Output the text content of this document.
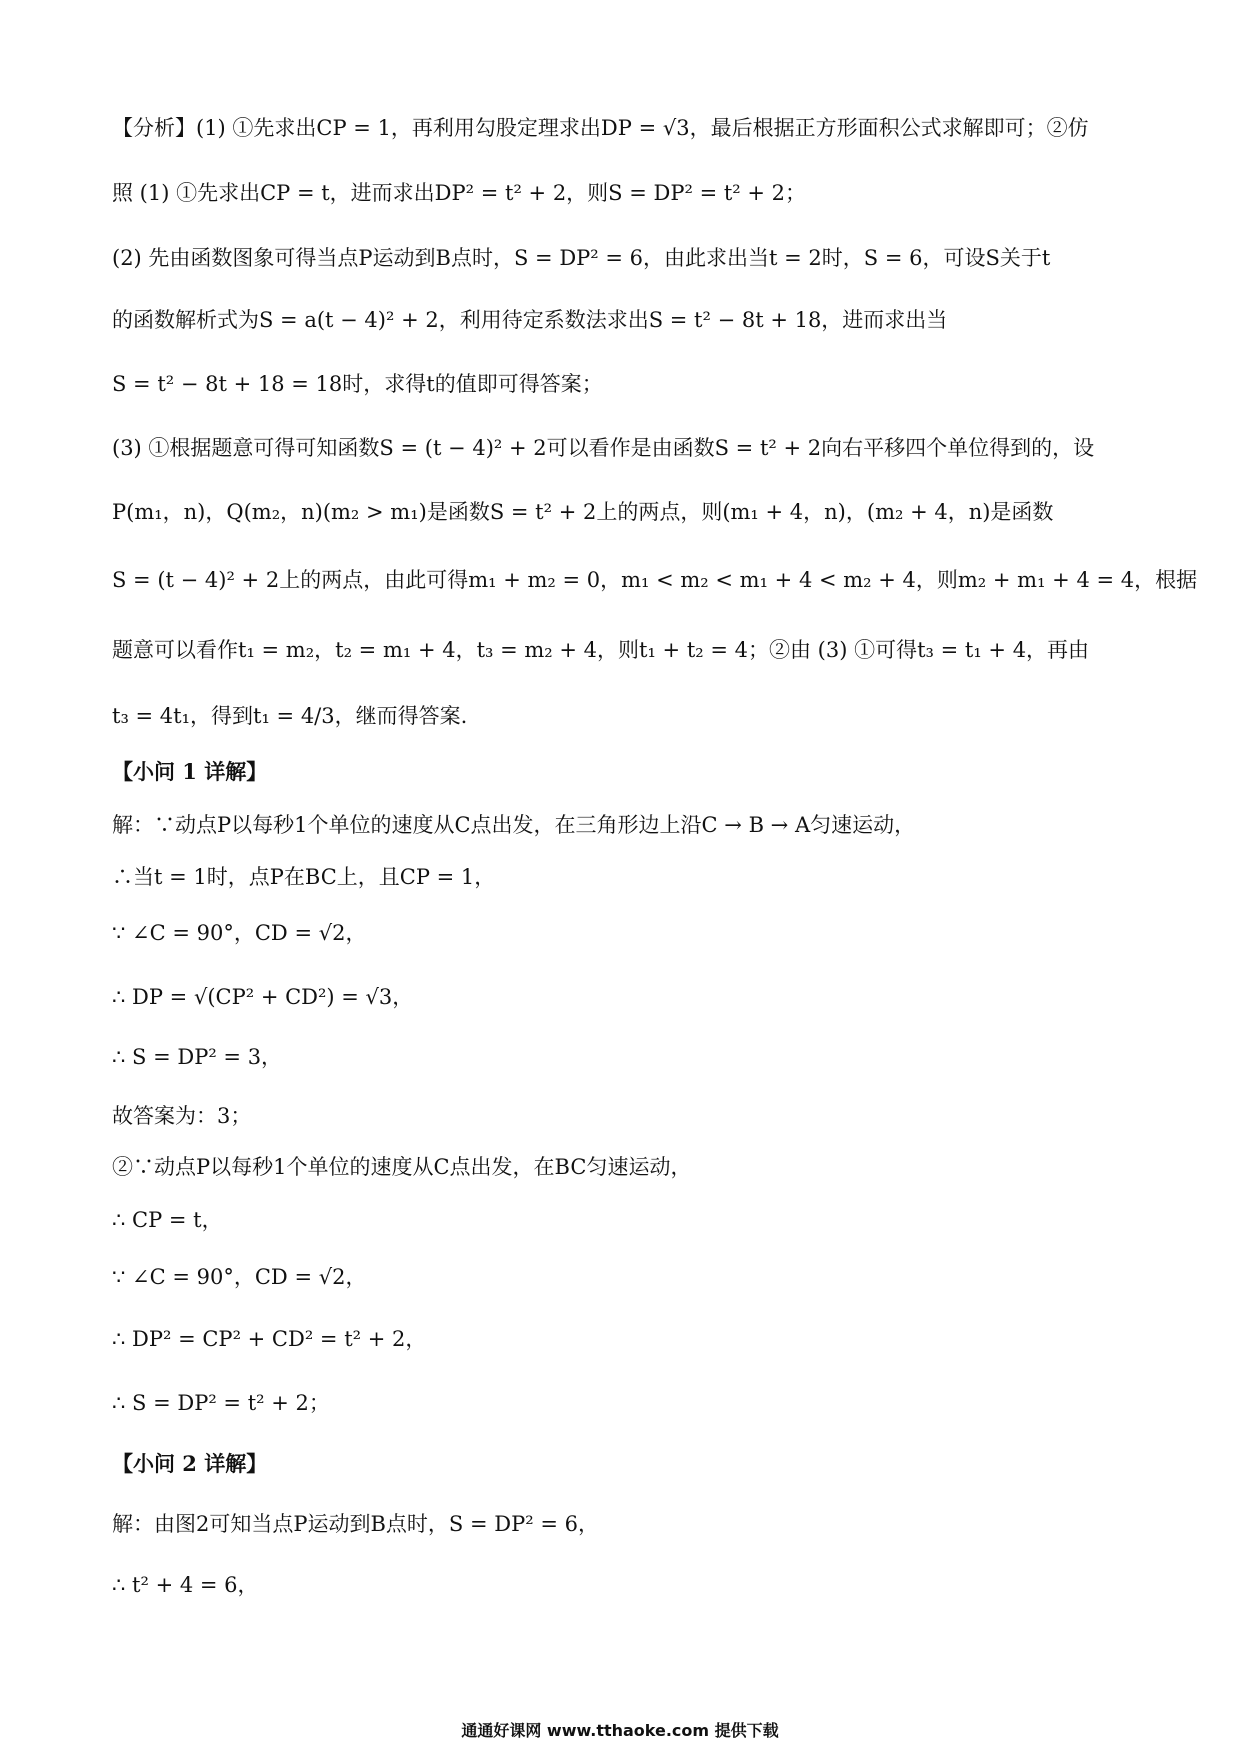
【分析】(1) ①先求出CP = 1，再利用勾股定理求出DP = √3，最后根据正方形面积公式求解即可；②仿
照 (1) ①先求出CP = t，进而求出DP² = t² + 2，则S = DP² = t² + 2；
(2) 先由函数图象可得当点P运动到B点时，S = DP² = 6，由此求出当t = 2时，S = 6，可设S关于t
的函数解析式为S = a(t − 4)² + 2，利用待定系数法求出S = t² − 8t + 18，进而求出当
S = t² − 8t + 18 = 18时，求得t的值即可得答案；
(3) ①根据题意可得可知函数S = (t − 4)² + 2可以看作是由函数S = t² + 2向右平移四个单位得到的，设
P(m₁，n)，Q(m₂，n)(m₂ > m₁)是函数S = t² + 2上的两点，则(m₁ + 4，n)，(m₂ + 4，n)是函数
S = (t − 4)² + 2上的两点，由此可得m₁ + m₂ = 0，m₁ < m₂ < m₁ + 4 < m₂ + 4，则m₂ + m₁ + 4 = 4，根据
题意可以看作t₁ = m₂，t₂ = m₁ + 4，t₃ = m₂ + 4，则t₁ + t₂ = 4；②由 (3) ①可得t₃ = t₁ + 4，再由
t₃ = 4t₁，得到t₁ = 4/3，继而得答案.
【小问 1 详解】
解：∵动点P以每秒1个单位的速度从C点出发，在三角形边上沿C → B → A匀速运动，
∴当t = 1时，点P在BC上，且CP = 1，
∵ ∠C = 90°，CD = √2，
∴ DP = √(CP² + CD²) = √3，
∴ S = DP² = 3，
故答案为：3；
②∵动点P以每秒1个单位的速度从C点出发，在BC匀速运动，
∴ CP = t，
∵ ∠C = 90°，CD = √2，
∴ DP² = CP² + CD² = t² + 2，
∴ S = DP² = t² + 2；
【小问 2 详解】
解：由图2可知当点P运动到B点时，S = DP² = 6，
∴ t² + 4 = 6，
通通好课网 www.tthaoke.com 提供下载
